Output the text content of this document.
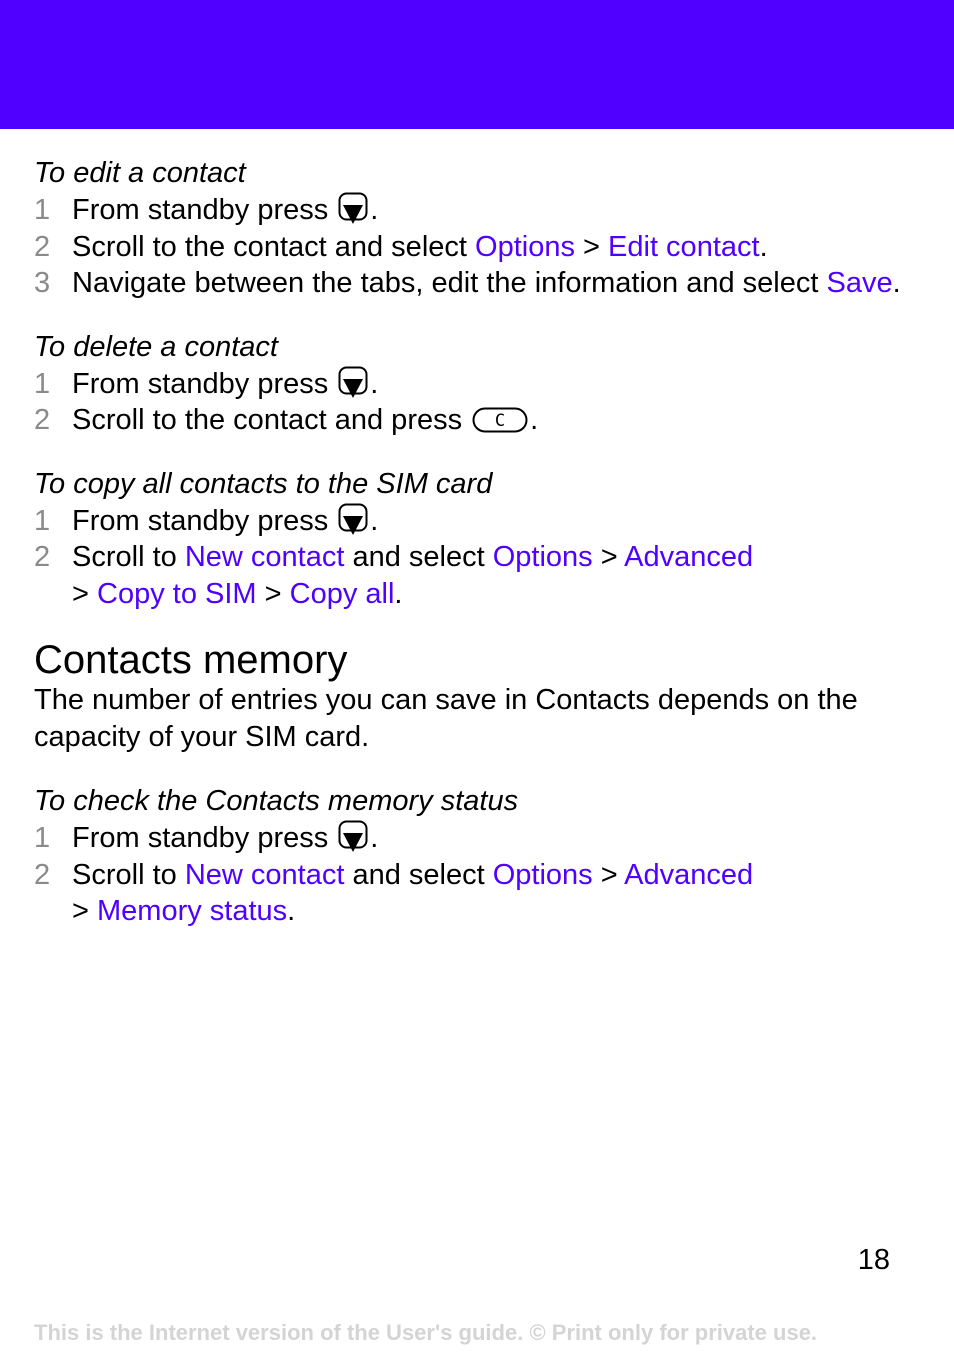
To edit a contact
1 From standby press .
2 Scroll to the contact and select Options > Edit contact.
3 Navigate between the tabs, edit the information and select Save.
To delete a contact
1 From standby press .
2 Scroll to the contact and press C .
To copy all contacts to the SIM card
1 From standby press .
2 Scroll to New contact and select Options > Advanced
> Copy to SIM > Copy all.
Contacts memory
The number of entries you can save in Contacts depends on the capacity of your SIM card.
To check the Contacts memory status
1 From standby press .
2 Scroll to New contact and select Options > Advanced
> Memory status.
18
This is the Internet version of the User's guide. © Print only for private use.
